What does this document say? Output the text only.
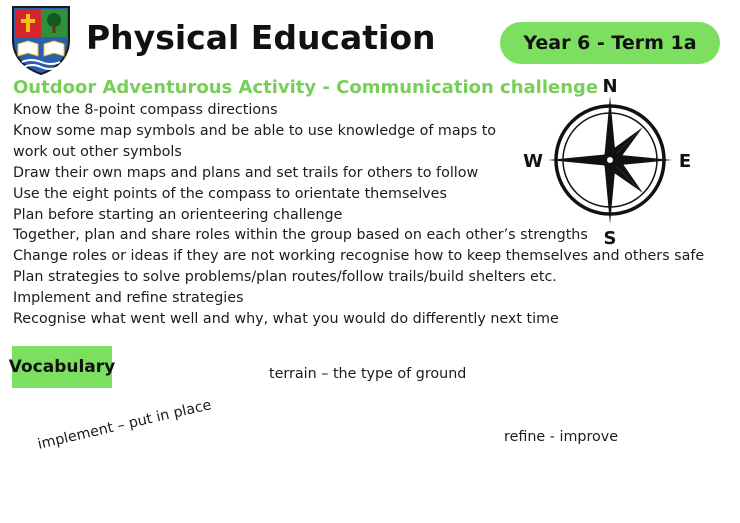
Physical Education	Year 6 - Term 1a
Outdoor Adventurous Activity - Communication challenge
Know the 8-point compass directions
Know some map symbols and be able to use knowledge of maps to
work out other symbols
Draw their own maps and plans and set trails for others to follow
Use the eight points of the compass to orientate themselves
Plan before starting an orienteering challenge
Together, plan and share roles within the group based on each other’s strengths
Change roles or ideas if they are not working recognise how to keep themselves and others safe
Plan strategies to solve problems/plan routes/follow trails/build shelters etc.
Implement and refine strategies
Recognise what went well and why, what you would do differently next time
N
S
W	E
Vocabulary	terrain – the type of ground
implement – put in place	refine - improve
